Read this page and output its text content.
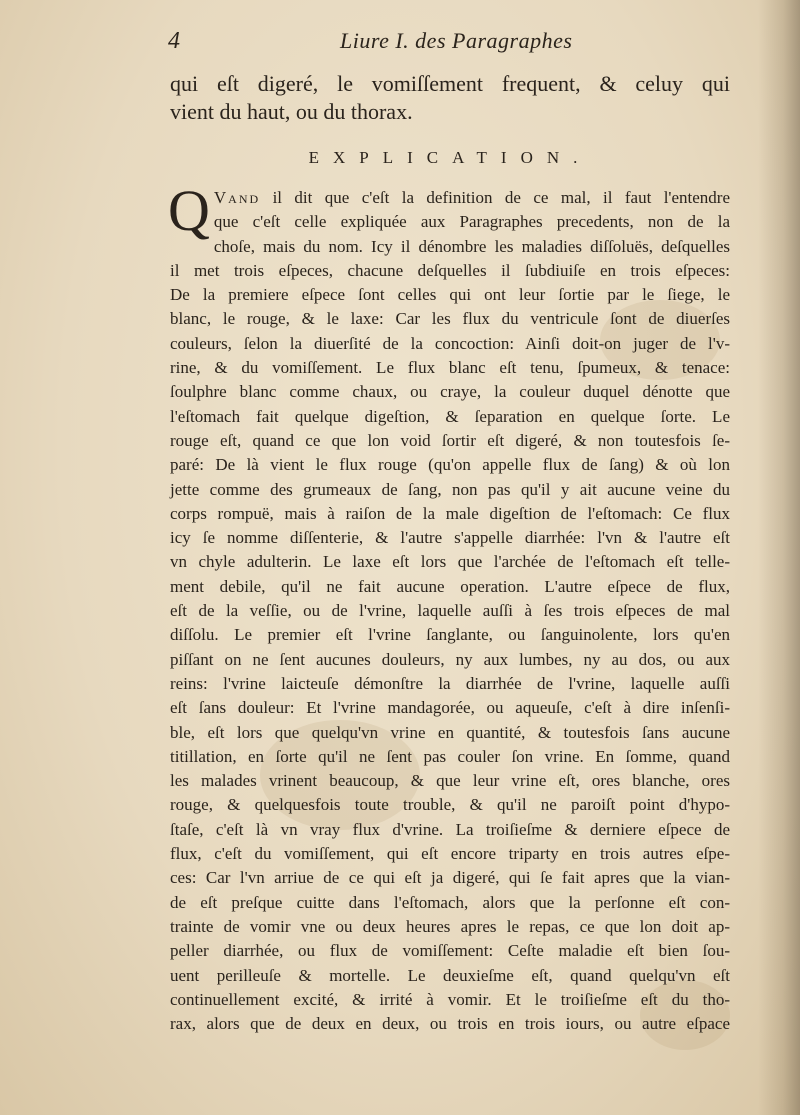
4	Liure I. des Paragraphes
qui eſt digeré, le vomiſſement frequent, & celuy qui
vient du haut, ou du thorax.
EXPLICATION.
Q Vand il dit que c'eſt la definition de ce mal, il faut l'entendre
que c'eſt celle expliquée aux Paragraphes precedents, non de la
choſe, mais du nom. Icy il dénombre les maladies diſſoluës, deſquelles
il met trois eſpeces, chacune deſquelles il ſubdiuiſe en trois eſpeces:
De la premiere eſpece ſont celles qui ont leur ſortie par le ſiege, le
blanc, le rouge, & le laxe: Car les flux du ventricule ſont de diuerſes
couleurs, ſelon la diuerſité de la concoction: Ainſi doit-on juger de l'v-
rine, & du vomiſſement. Le flux blanc eſt tenu, ſpumeux, & tenace:
ſoulphre blanc comme chaux, ou craye, la couleur duquel dénotte que
l'eſtomach fait quelque digeſtion, & ſeparation en quelque ſorte. Le
rouge eſt, quand ce que lon void ſortir eſt digeré, & non toutesfois ſe-
paré: De là vient le flux rouge (qu'on appelle flux de ſang) & où lon
jette comme des grumeaux de ſang, non pas qu'il y ait aucune veine du
corps rompuë, mais à raiſon de la male digeſtion de l'eſtomach: Ce flux
icy ſe nomme diſſenterie, & l'autre s'appelle diarrhée: l'vn & l'autre eſt
vn chyle adulterin. Le laxe eſt lors que l'archée de l'eſtomach eſt telle-
ment debile, qu'il ne fait aucune operation. L'autre eſpece de flux,
eſt de la veſſie, ou de l'vrine, laquelle auſſi à ſes trois eſpeces de mal
diſſolu. Le premier eſt l'vrine ſanglante, ou ſanguinolente, lors qu'en
piſſant on ne ſent aucunes douleurs, ny aux lumbes, ny au dos, ou aux
reins: l'vrine laicteuſe démonſtre la diarrhée de l'vrine, laquelle auſſi
eſt ſans douleur: Et l'vrine mandagorée, ou aqueuſe, c'eſt à dire inſenſi-
ble, eſt lors que quelqu'vn vrine en quantité, & toutesfois ſans aucune
titillation, en ſorte qu'il ne ſent pas couler ſon vrine. En ſomme, quand
les malades vrinent beaucoup, & que leur vrine eſt, ores blanche, ores
rouge, & quelquesfois toute trouble, & qu'il ne paroiſt point d'hypo-
ſtaſe, c'eſt là vn vray flux d'vrine. La troiſieſme & derniere eſpece de
flux, c'eſt du vomiſſement, qui eſt encore triparty en trois autres eſpe-
ces: Car l'vn arriue de ce qui eſt ja digeré, qui ſe fait apres que la vian-
de eſt preſque cuitte dans l'eſtomach, alors que la perſonne eſt con-
trainte de vomir vne ou deux heures apres le repas, ce que lon doit ap-
peller diarrhée, ou flux de vomiſſement: Ceſte maladie eſt bien ſou-
uent perilleuſe & mortelle. Le deuxieſme eſt, quand quelqu'vn eſt
continuellement excité, & irrité à vomir. Et le troiſieſme eſt du tho-
rax, alors que de deux en deux, ou trois en trois iours, ou autre eſpace
